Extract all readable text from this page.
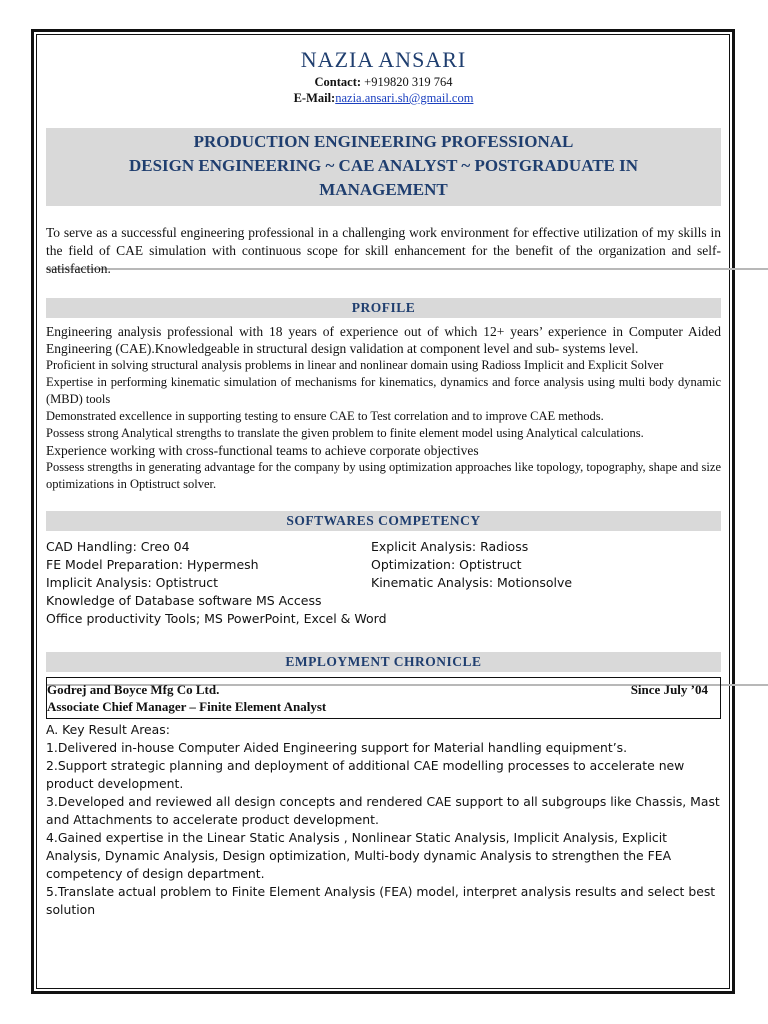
NAZIA ANSARI
Contact: +919820 319 764
E-Mail:nazia.ansari.sh@gmail.com
PRODUCTION ENGINEERING PROFESSIONAL
DESIGN ENGINEERING ~ CAE ANALYST ~ POSTGRADUATE IN
MANAGEMENT
To serve as a successful engineering professional in a challenging work environment for effective utilization of my skills in the field of CAE simulation with continuous scope for skill enhancement for the benefit of the organization and self-satisfaction.
PROFILE

Engineering analysis professional with 18 years of experience out of which 12+ years’ experience in Computer Aided Engineering (CAE).Knowledgeable in structural design validation at component level and sub- systems level.

Proficient in solving structural analysis problems in linear and nonlinear domain using Radioss Implicit and Explicit Solver

Expertise in performing kinematic simulation of mechanisms for kinematics, dynamics and force analysis using multi body dynamic (MBD) tools

Demonstrated excellence in supporting testing to ensure CAE to Test correlation and to improve CAE methods.

Possess strong Analytical strengths to translate the given problem to finite element model using Analytical calculations.

Experience working with cross-functional teams to achieve corporate objectives

Possess strengths in generating advantage for the company by using optimization approaches like topology, topography, shape and size optimizations in Optistruct solver.

SOFTWARES COMPETENCY
CAD Handling: Creo 04	Explicit Analysis: Radioss
FE Model Preparation: Hypermesh	Optimization: Optistruct
Implicit Analysis: Optistruct	Kinematic Analysis: Motionsolve
Knowledge of Database software MS Access
Office productivity Tools; MS PowerPoint, Excel & Word
EMPLOYMENT CHRONICLE
Godrej and Boyce Mfg Co Ltd.	Since July ’04
Associate Chief Manager – Finite Element Analyst

A. Key Result Areas:

1.Delivered in-house Computer Aided Engineering support for Material handling equipment’s.

2.Support strategic planning and deployment of additional CAE modelling processes to accelerate new product development.

3.Developed and reviewed all design concepts and rendered CAE support to all subgroups like Chassis, Mast and Attachments to accelerate product development.

4.Gained expertise in the Linear Static Analysis , Nonlinear Static Analysis, Implicit Analysis, Explicit Analysis, Dynamic Analysis, Design optimization, Multi-body dynamic Analysis to strengthen the FEA competency of design department.

5.Translate actual problem to Finite Element Analysis (FEA) model, interpret analysis results and select best solution
